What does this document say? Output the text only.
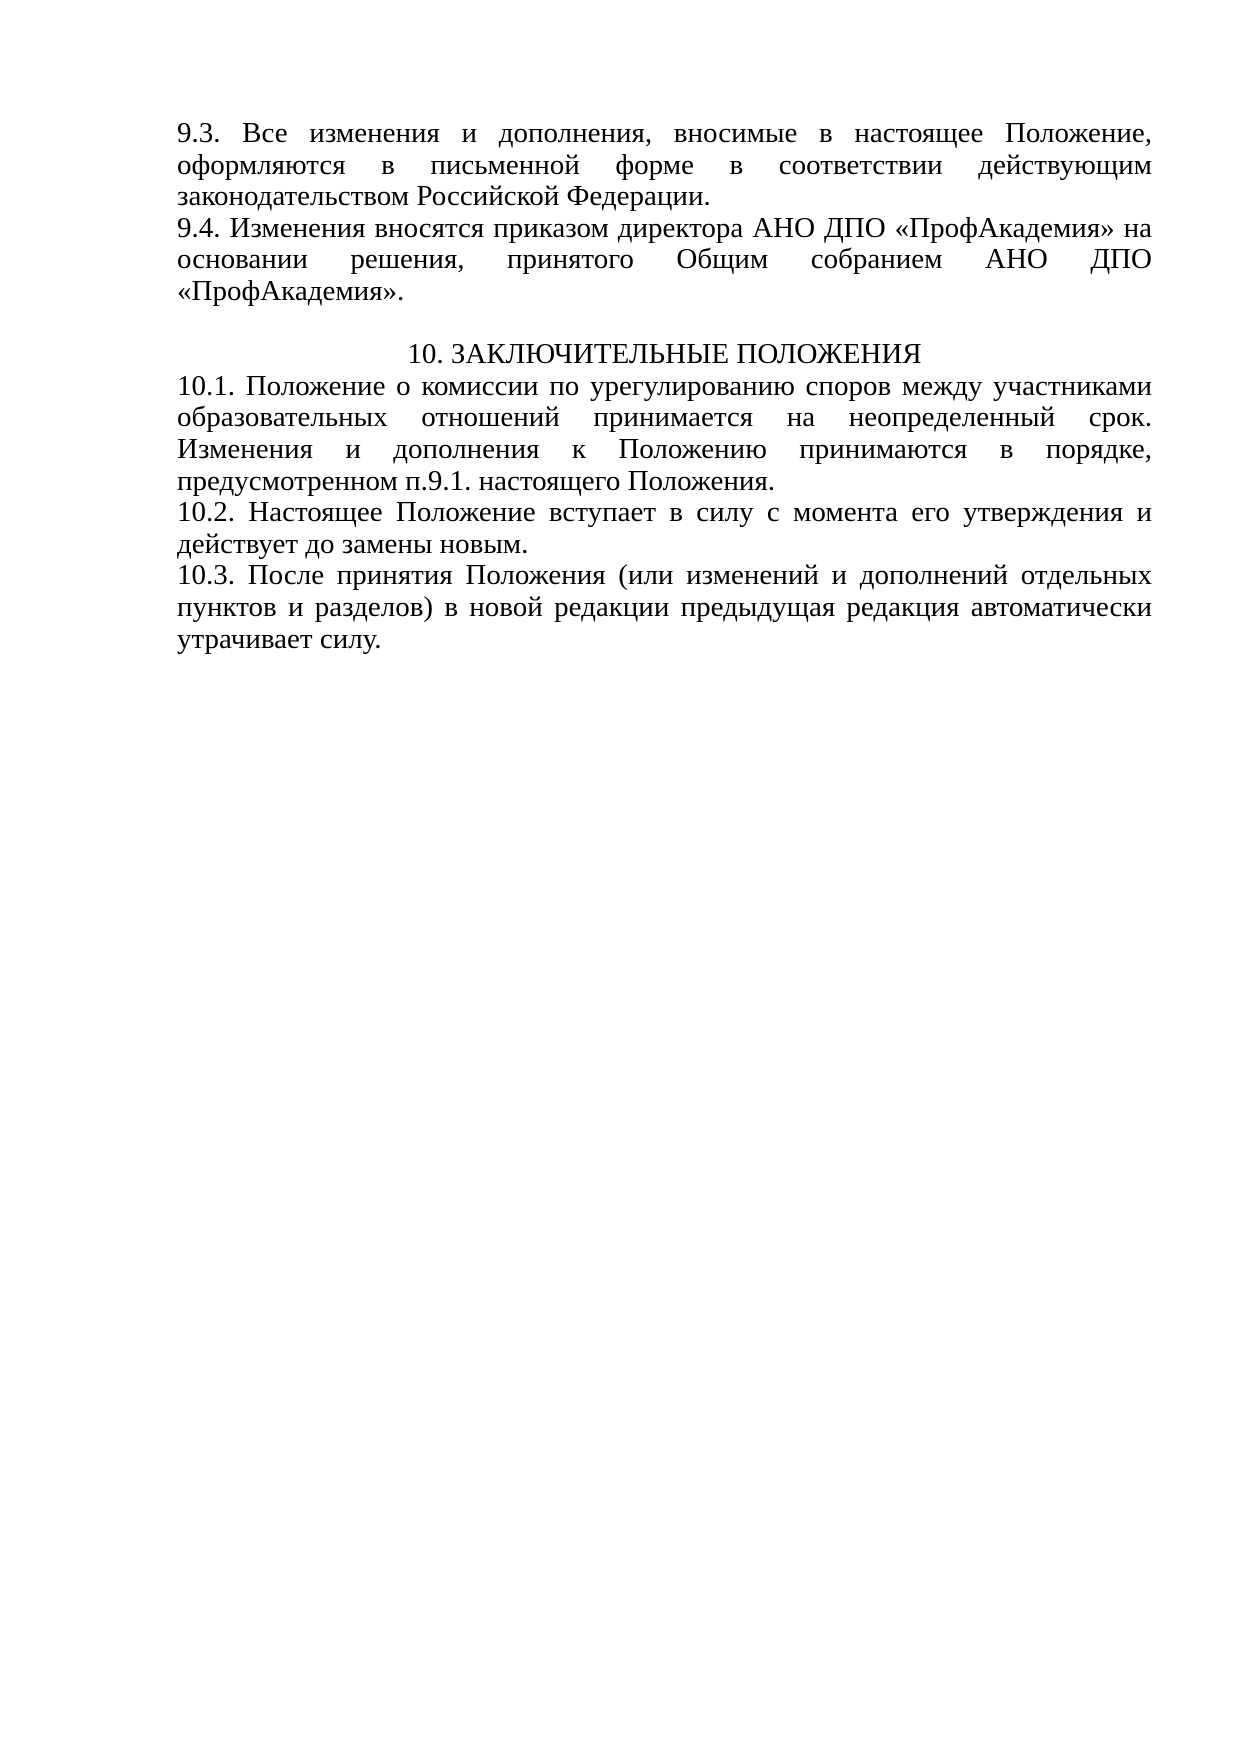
9.3. Все изменения и дополнения, вносимые в настоящее Положение, оформляются в письменной форме в соответствии действующим законодательством Российской Федерации.

9.4. Изменения вносятся приказом директора АНО ДПО «ПрофАкадемия» на основании решения, принятого Общим собранием АНО ДПО «ПрофАкадемия».

10. ЗАКЛЮЧИТЕЛЬНЫЕ ПОЛОЖЕНИЯ

10.1. Положение о комиссии по урегулированию споров между участниками образовательных отношений принимается на неопределенный срок. Изменения и дополнения к Положению принимаются в порядке, предусмотренном п.9.1. настоящего Положения.

10.2. Настоящее Положение вступает в силу с момента его утверждения и действует до замены новым.

10.3. После принятия Положения (или изменений и дополнений отдельных пунктов и разделов) в новой редакции предыдущая редакция автоматически утрачивает силу.
